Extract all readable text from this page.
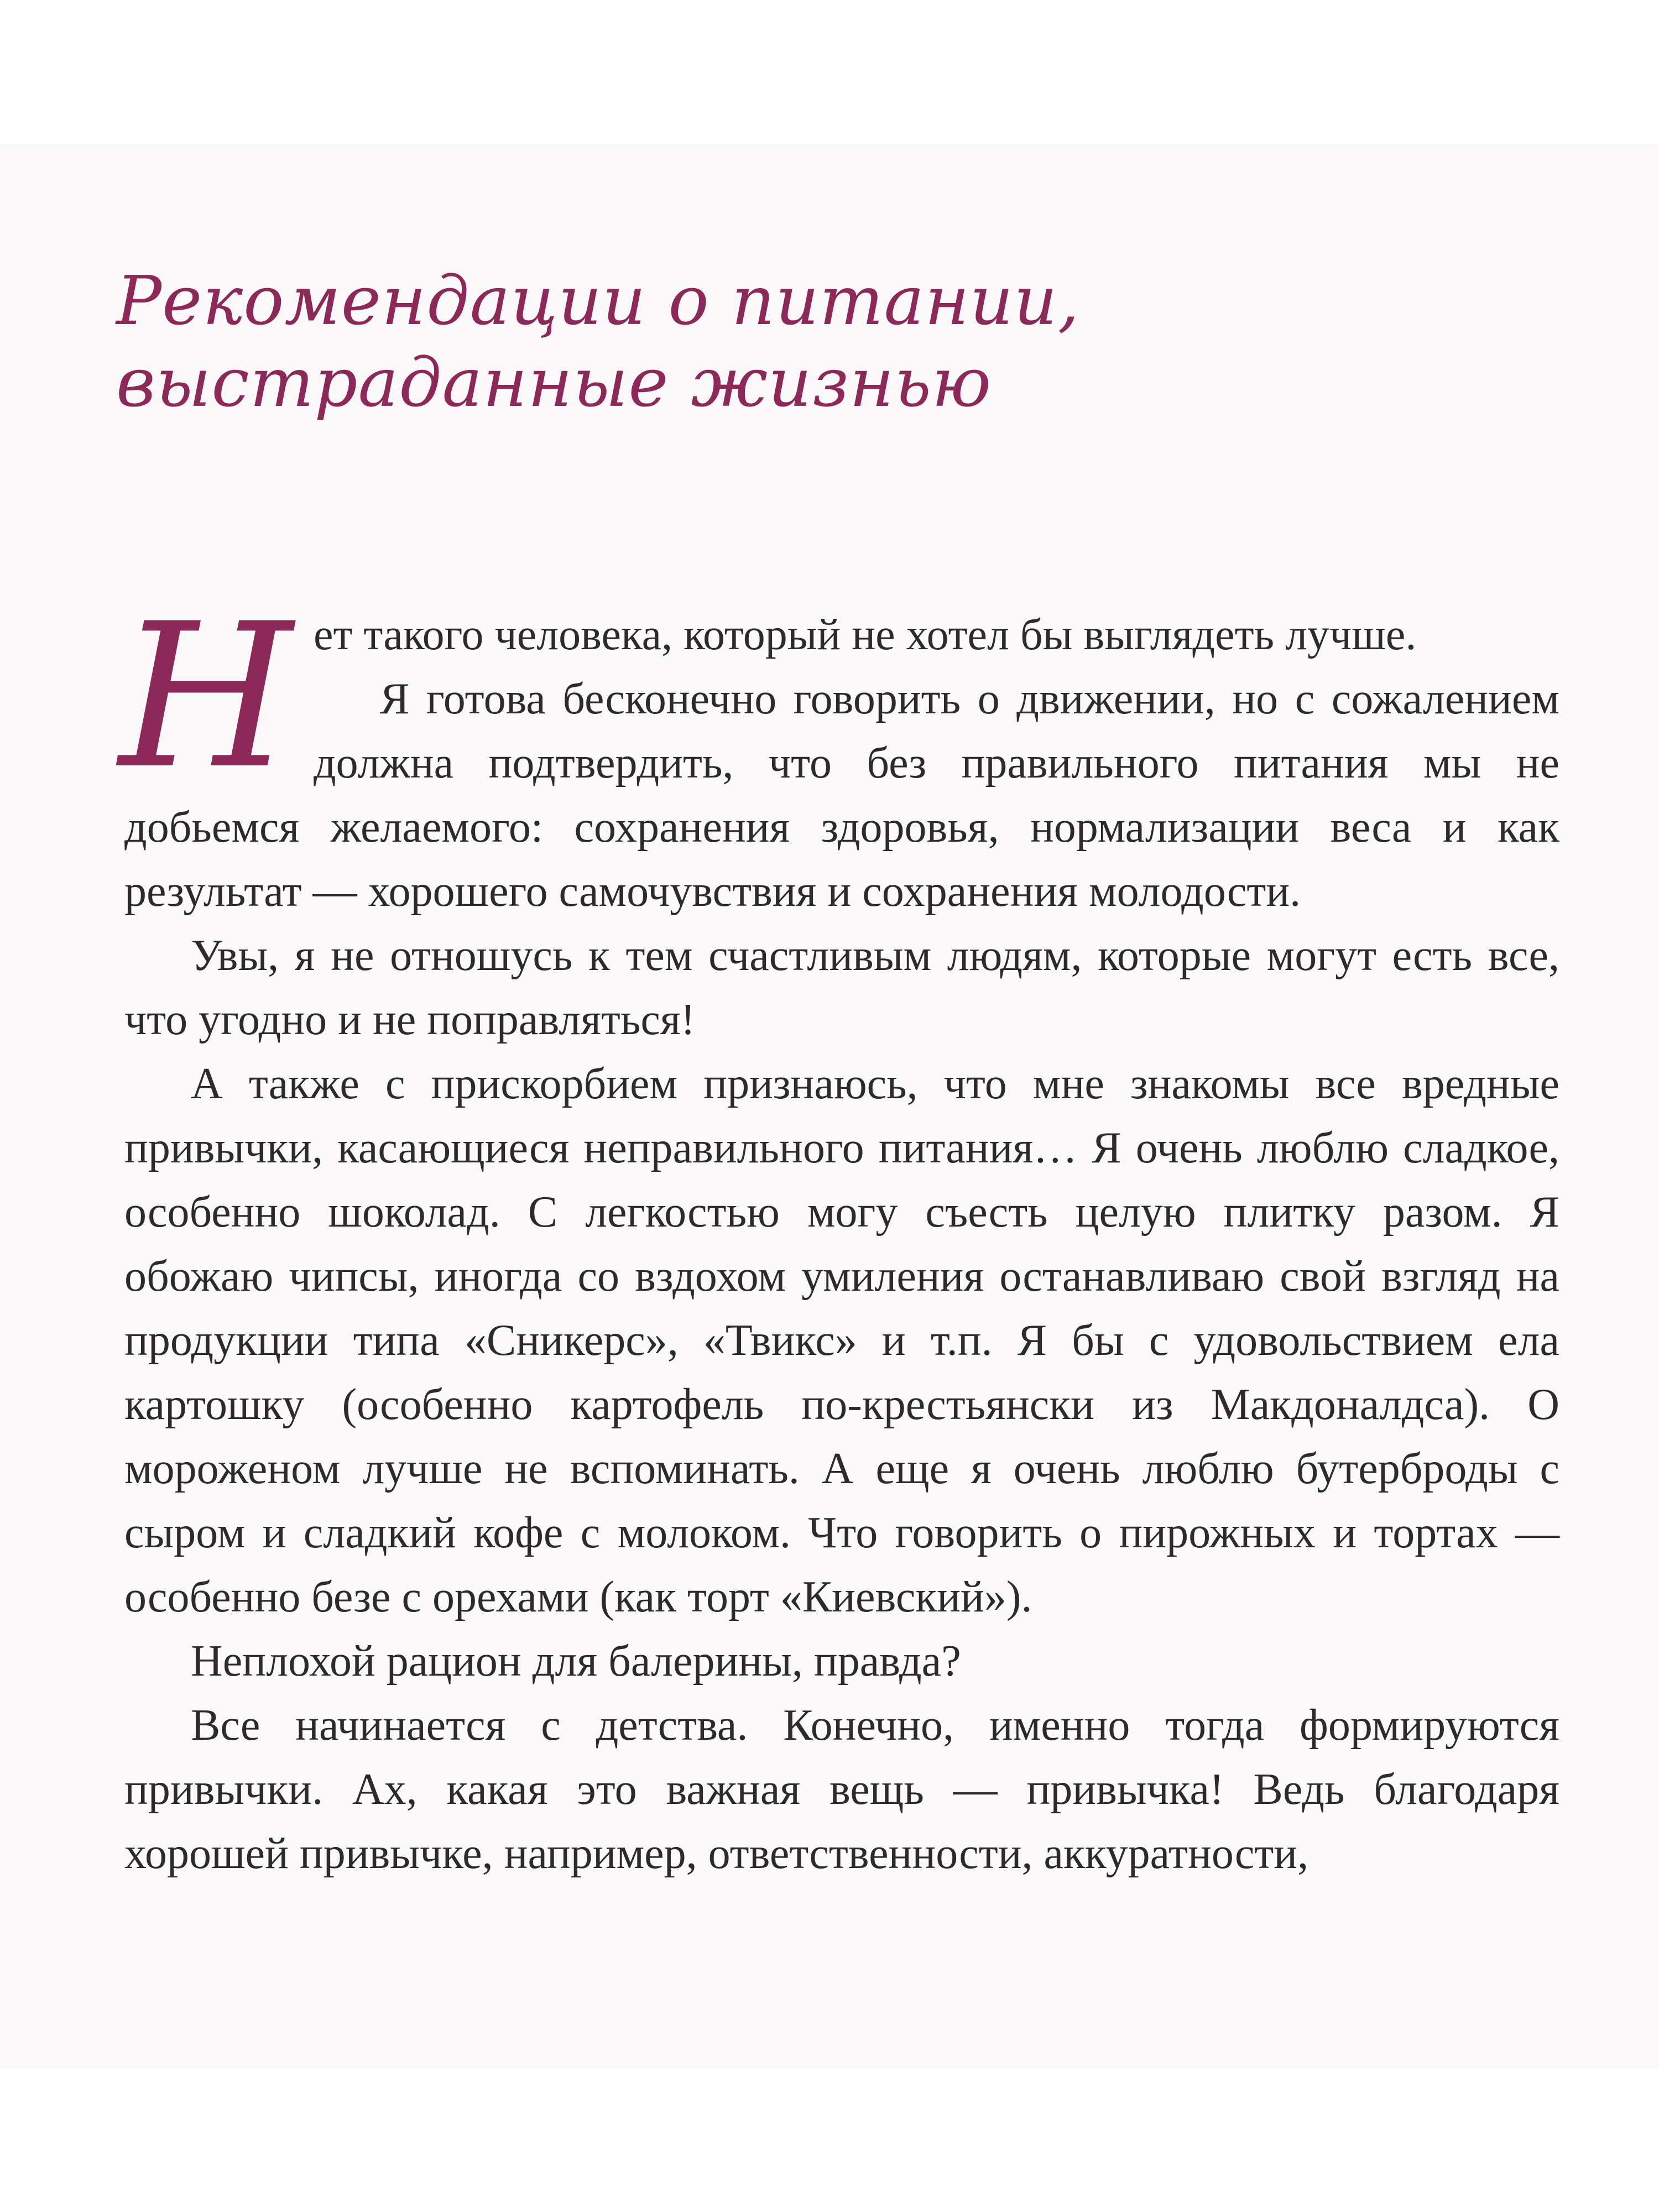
Рекомендации о питании,
выстраданные жизнью

Нет такого человека, который не хотел бы выглядеть лучше.

Я готова бесконечно говорить о движении, но с сожалением должна подтвердить, что без правильного питания мы не добьемся желаемого: сохранения здоровья, нормализации веса и как результат — хорошего самочувствия и сохранения молодости.

Увы, я не отношусь к тем счастливым людям, которые могут есть все, что угодно и не поправляться!

А также с прискорбием признаюсь, что мне знакомы все вредные привычки, касающиеся неправильного питания… Я очень люблю сладкое, особенно шоколад. С легкостью могу съесть целую плитку разом. Я обожаю чипсы, иногда со вздохом умиления останавливаю свой взгляд на продукции типа «Сникерс», «Твикс» и т.п. Я бы с удовольствием ела картошку (особенно картофель по-крестьянски из Макдоналдса). О мороженом лучше не вспоминать. А еще я очень люблю бутерброды с сыром и сладкий кофе с молоком. Что говорить о пирожных и тортах — особенно безе с орехами (как торт «Киевский»).

Неплохой рацион для балерины, правда?

Все начинается с детства. Конечно, именно тогда формируются привычки. Ах, какая это важная вещь — привычка! Ведь благодаря хорошей привычке, например, ответственности, аккуратности,
